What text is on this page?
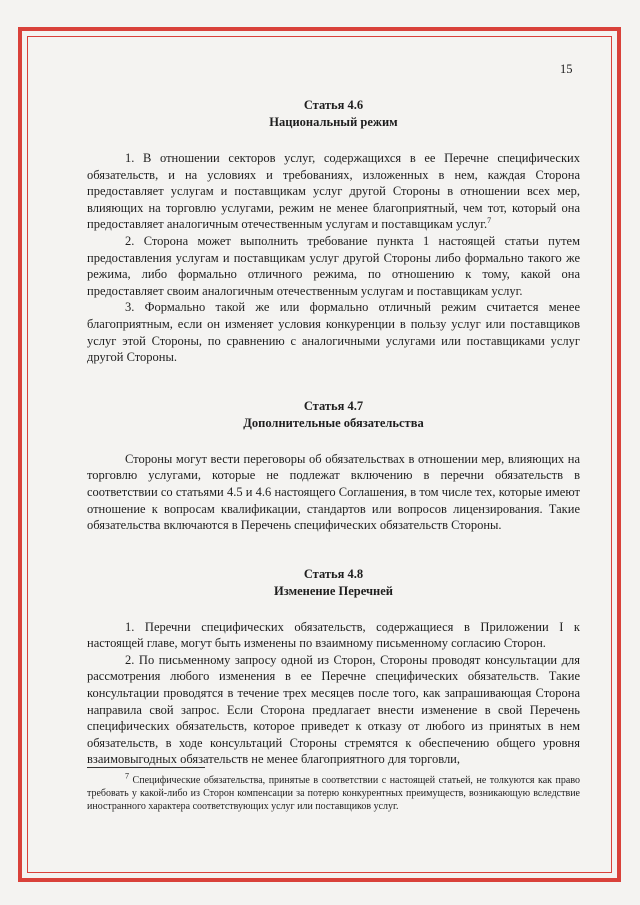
15
Статья 4.6
Национальный режим

1. В отношении секторов услуг, содержащихся в ее Перечне специфических обязательств, и на условиях и требованиях, изложенных в нем, каждая Сторона предоставляет услугам и поставщикам услуг другой Стороны в отношении всех мер, влияющих на торговлю услугами, режим не менее благоприятный, чем тот, который она предоставляет аналогичным отечественным услугам и поставщикам услуг.$^7$

2. Сторона может выполнить требование пункта 1 настоящей статьи путем предоставления услугам и поставщикам услуг другой Стороны либо формально такого же режима, либо формально отличного режима, по отношению к тому, какой она предоставляет своим аналогичным отечественным услугам и поставщикам услуг.

3. Формально такой же или формально отличный режим считается менее благоприятным, если он изменяет условия конкуренции в пользу услуг или поставщиков услуг этой Стороны, по сравнению с аналогичными услугами или поставщиками услуг другой Стороны.

Статья 4.7
Дополнительные обязательства

Стороны могут вести переговоры об обязательствах в отношении мер, влияющих на торговлю услугами, которые не подлежат включению в перечни обязательств в соответствии со статьями 4.5 и 4.6 настоящего Соглашения, в том числе тех, которые имеют отношение к вопросам квалификации, стандартов или вопросов лицензирования. Такие обязательства включаются в Перечень специфических обязательств Стороны.

Статья 4.8
Изменение Перечней

1. Перечни специфических обязательств, содержащиеся в Приложении I к настоящей главе, могут быть изменены по взаимному письменному согласию Сторон.

2. По письменному запросу одной из Сторон, Стороны проводят консультации для рассмотрения любого изменения в ее Перечне специфических обязательств. Такие консультации проводятся в течение трех месяцев после того, как запрашивающая Сторона направила свой запрос. Если Сторона предлагает внести изменение в свой Перечень специфических обязательств, которое приведет к отказу от любого из принятых в нем обязательств, в ходе консультаций Стороны стремятся к обеспечению общего уровня взаимовыгодных обязательств не менее благоприятного для торговли,

$^7$ Специфические обязательства, принятые в соответствии с настоящей статьей, не толкуются как право требовать у какой-либо из Сторон компенсации за потерю конкурентных преимуществ, возникающую вследствие иностранного характера соответствующих услуг или поставщиков услуг.
